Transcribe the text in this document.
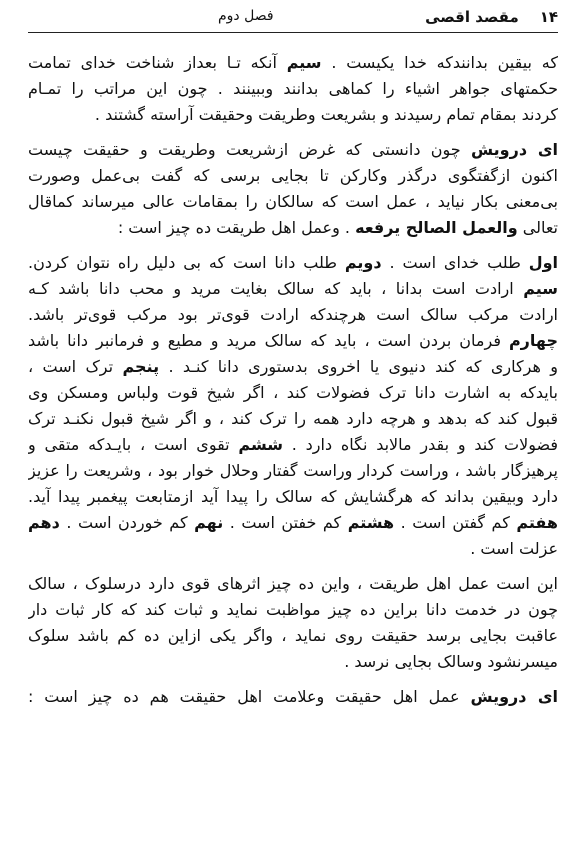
۱۴    مقصد اقصی
فصل دوم
که بیقین بدانندکه خدا یکیست . سیم آنکه تـا بعداز شناخت خدای تمامت
حکمتهای جواهر اشیاء را کماهی بدانند وببینند . چون این مراتب را تمـام
کردند بمقام تمام رسیدند و بشریعت وطریقت وحقیقت آراسته گشتند .
ای درویش چون دانستی که غرض ازشریعت وطریقت و حقیقت چیست
اکنون ازگفتگوی درگذر وکارکن تا بجایی برسی که گفت بی‌عمل وصورت
بی‌معنی بکار نیاید ، عمل است که سالکان را بمقامات عالی میرساند کماقال
تعالی والعمل الصالح یرفعه . وعمل اهل طریقت ده چیز است :
اول طلب خدای است . دویم طلب دانا است که بی دلیل راه نتوان کردن.
سیم ارادت است بدانا ، باید که سالک بغایت مرید و محب دانا باشد کـه
ارادت مرکب سالک است هرچندکه ارادت قوی‌تر بود مرکب قوی‌تر باشد.
چهارم فرمان بردن است ، باید که سالک مرید و مطیع و فرمانبر دانا باشد
و هرکاری که کند دنیوی یا اخروی بدستوری دانا کنـد . پنجم ترک است ،
بایدکه به اشارت دانا ترک فضولات کند ، اگر شیخ قوت ولباس ومسکن وی
قبول کند که بدهد و هرچه دارد همه را ترک کند ، و اگر شیخ قبول نکنـد ترک
فضولات کند و بقدر مالابد نگاه دارد . ششم تقوی است ، بایـدکه متقی و
پرهیزگار باشد ، وراست کردار وراست گفتار وحلال خوار بود ، وشریعت را عزیز
دارد وبیقین بداند که هرگشایش که سالک را پیدا آید ازمتابعت پیغمبر پیدا آید.
هفتم کم گفتن است . هشتم کم خفتن است . نهم کم خوردن است . دهم
عزلت است .
این است عمل اهل طریقت ، واین ده چیز اثرهای قوی دارد درسلوک ، سالک
چون در خدمت دانا براین ده چیز مواظبت نماید و ثبات کند که کار ثبات دار
عاقبت بجایی برسد حقیقت روی نماید ، واگر یکی ازاین ده کم باشد سلوک
میسرنشود وسالک بجایی نرسد .
ای درویش عمل اهل حقیقت وعلامت اهل حقیقت هم ده چیز است :
